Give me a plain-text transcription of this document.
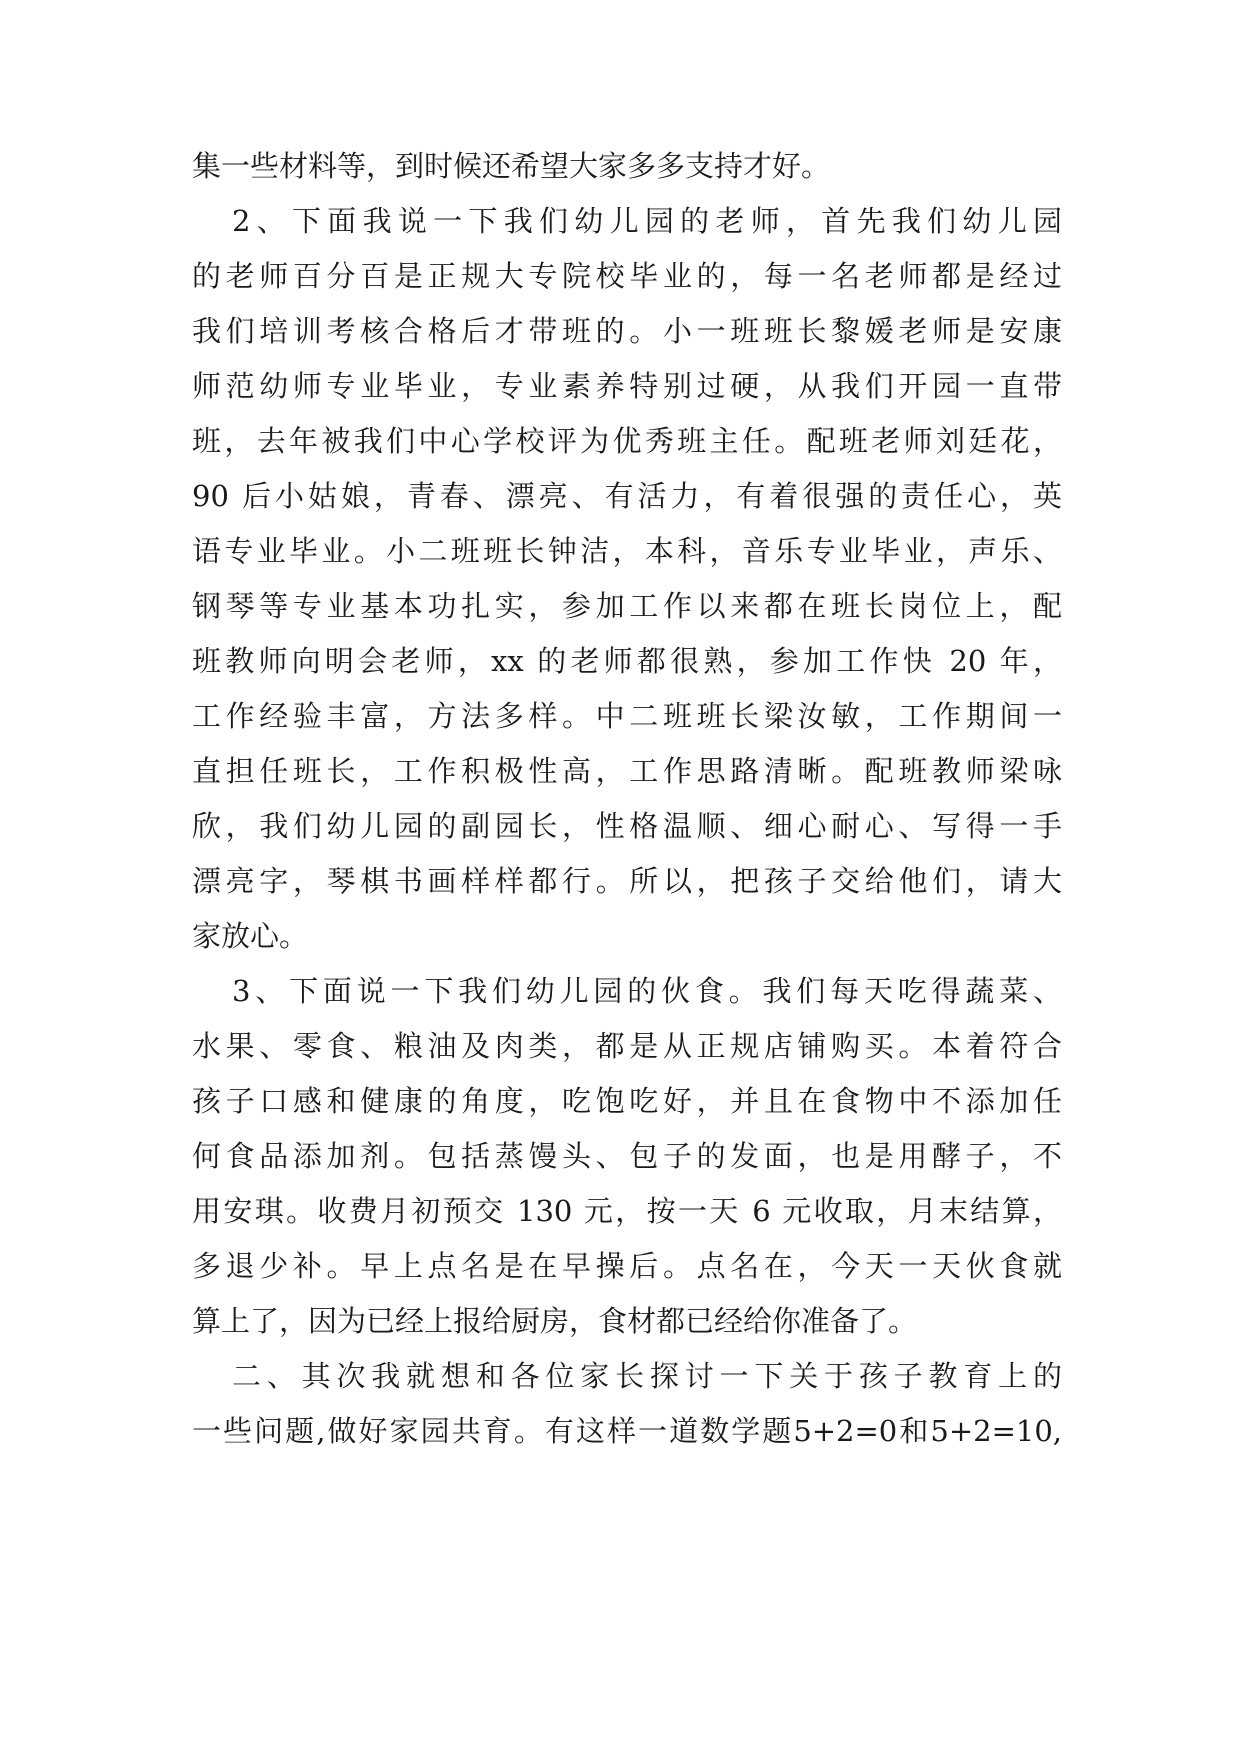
集一些材料等，到时候还希望大家多多支持才好。
2、下面我说一下我们幼儿园的老师，首先我们幼儿园
的老师百分百是正规大专院校毕业的，每一名老师都是经过
我们培训考核合格后才带班的。小一班班长黎媛老师是安康
师范幼师专业毕业，专业素养特别过硬，从我们开园一直带
班，去年被我们中心学校评为优秀班主任。配班老师刘廷花，
90 后小姑娘，青春、漂亮、有活力，有着很强的责任心，英
语专业毕业。小二班班长钟洁，本科，音乐专业毕业，声乐、
钢琴等专业基本功扎实，参加工作以来都在班长岗位上，配
班教师向明会老师，xx 的老师都很熟，参加工作快 20 年，
工作经验丰富，方法多样。中二班班长梁汝敏，工作期间一
直担任班长，工作积极性高，工作思路清晰。配班教师梁咏
欣，我们幼儿园的副园长，性格温顺、细心耐心、写得一手
漂亮字，琴棋书画样样都行。所以，把孩子交给他们，请大
家放心。
3、下面说一下我们幼儿园的伙食。我们每天吃得蔬菜、
水果、零食、粮油及肉类，都是从正规店铺购买。本着符合
孩子口感和健康的角度，吃饱吃好，并且在食物中不添加任
何食品添加剂。包括蒸馒头、包子的发面，也是用酵子，不
用安琪。收费月初预交 130 元，按一天 6 元收取，月末结算，
多退少补。早上点名是在早操后。点名在，今天一天伙食就
算上了，因为已经上报给厨房，食材都已经给你准备了。
二、其次我就想和各位家长探讨一下关于孩子教育上的
一些问题,做好家园共育。有这样一道数学题5+2=0和5+2=10,
